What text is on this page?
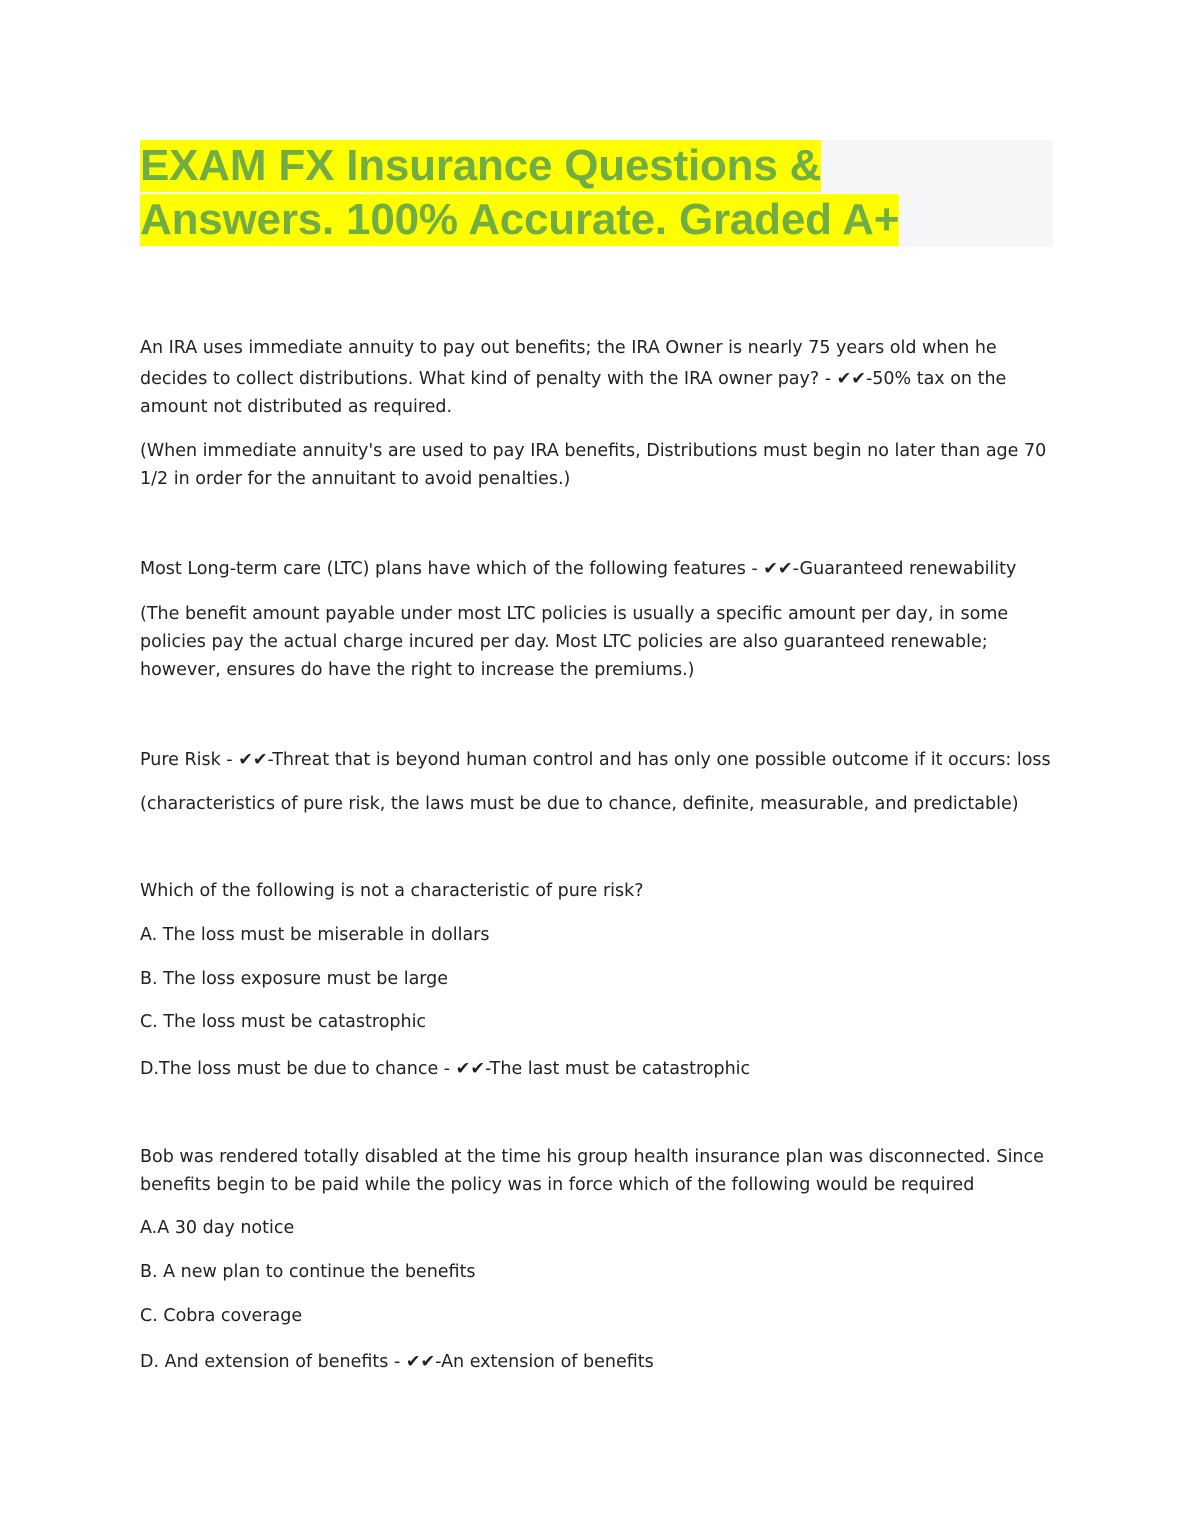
EXAM FX Insurance Questions &
Answers. 100% Accurate. Graded A+
An IRA uses immediate annuity to pay out benefits; the IRA Owner is nearly 75 years old when he
decides to collect distributions. What kind of penalty with the IRA owner pay? - ✔✔-50% tax on the
amount not distributed as required.
(When immediate annuity's are used to pay IRA benefits, Distributions must begin no later than age 70
1/2 in order for the annuitant to avoid penalties.)
Most Long-term care (LTC) plans have which of the following features - ✔✔-Guaranteed renewability
(The benefit amount payable under most LTC policies is usually a specific amount per day, in some
policies pay the actual charge incured per day. Most LTC policies are also guaranteed renewable;
however, ensures do have the right to increase the premiums.)
Pure Risk - ✔✔-Threat that is beyond human control and has only one possible outcome if it occurs: loss
(characteristics of pure risk, the laws must be due to chance, definite, measurable, and predictable)
Which of the following is not a characteristic of pure risk?
A. The loss must be miserable in dollars
B. The loss exposure must be large
C. The loss must be catastrophic
D.The loss must be due to chance - ✔✔-The last must be catastrophic
Bob was rendered totally disabled at the time his group health insurance plan was disconnected. Since
benefits begin to be paid while the policy was in force which of the following would be required
A.A 30 day notice
B. A new plan to continue the benefits
C. Cobra coverage
D. And extension of benefits - ✔✔-An extension of benefits
